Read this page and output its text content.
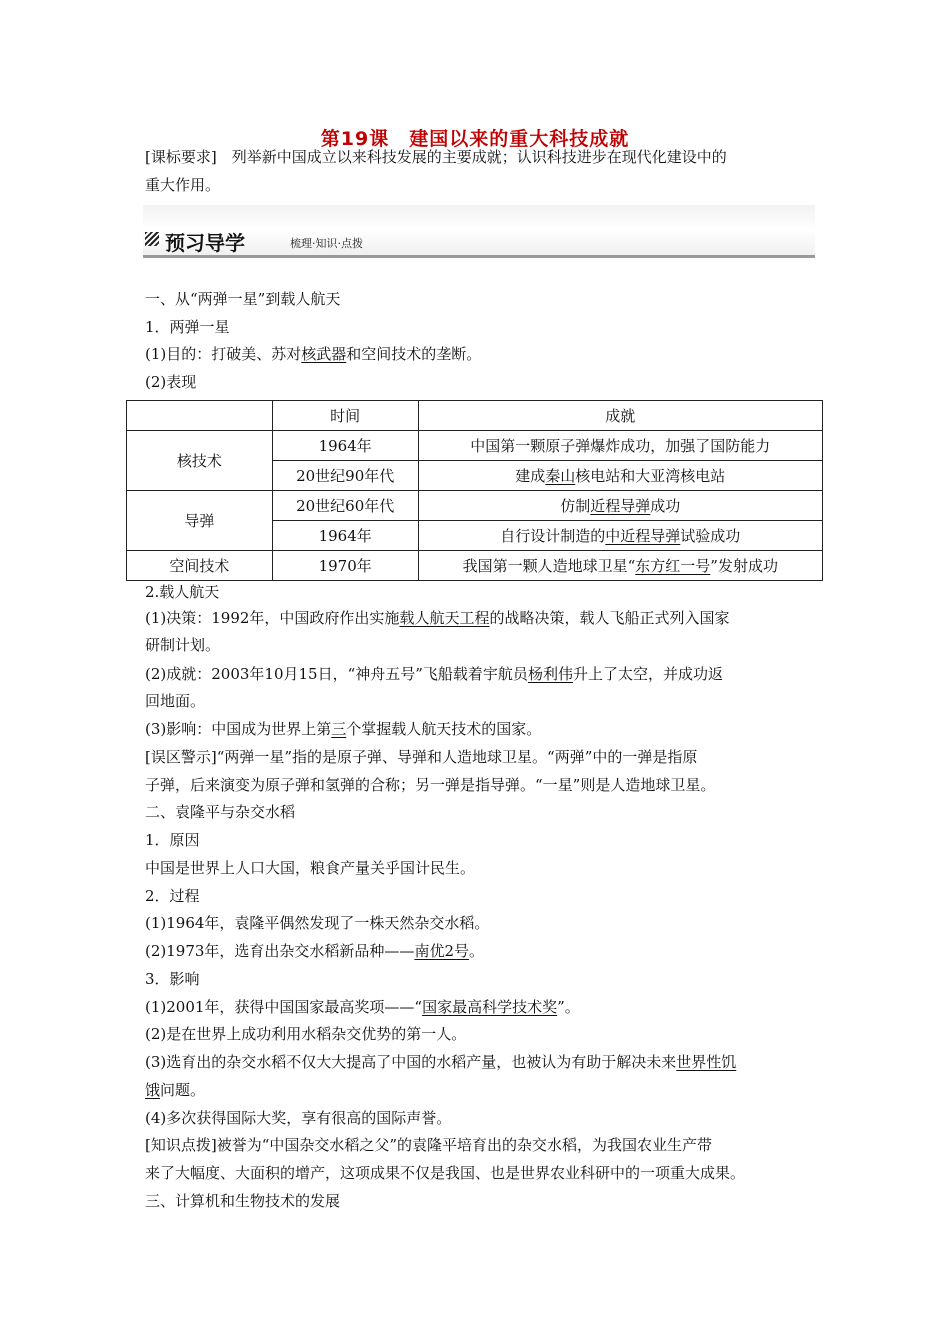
第19课　建国以来的重大科技成就
[课标要求]　列举新中国成立以来科技发展的主要成就；认识科技进步在现代化建设中的
重大作用。
预习导学	梳理·知识·点拨
一、从“两弹一星”到载人航天
1．两弹一星
(1)目的：打破美、苏对核武器和空间技术的垄断。
(2)表现
	时间	成就
核技术	1964年	中国第一颗原子弹爆炸成功，加强了国防能力
	20世纪90年代	建成秦山核电站和大亚湾核电站
导弹	20世纪60年代	仿制近程导弹成功
	1964年	自行设计制造的中近程导弹试验成功
空间技术	1970年	我国第一颗人造地球卫星“东方红一号”发射成功
2.载人航天
(1)决策：1992年，中国政府作出实施载人航天工程的战略决策，载人飞船正式列入国家
研制计划。
(2)成就：2003年10月15日，“神舟五号”飞船载着宇航员杨利伟升上了太空，并成功返
回地面。
(3)影响：中国成为世界上第三个掌握载人航天技术的国家。
[误区警示]“两弹一星”指的是原子弹、导弹和人造地球卫星。“两弹”中的一弹是指原
子弹，后来演变为原子弹和氢弹的合称；另一弹是指导弹。“一星”则是人造地球卫星。
二、袁隆平与杂交水稻
1．原因
中国是世界上人口大国，粮食产量关乎国计民生。
2．过程
(1)1964年，袁隆平偶然发现了一株天然杂交水稻。
(2)1973年，选育出杂交水稻新品种——南优2号。
3．影响
(1)2001年，获得中国国家最高奖项——“国家最高科学技术奖”。
(2)是在世界上成功利用水稻杂交优势的第一人。
(3)选育出的杂交水稻不仅大大提高了中国的水稻产量，也被认为有助于解决未来世界性饥
饿问题。
(4)多次获得国际大奖，享有很高的国际声誉。
[知识点拨]被誉为“中国杂交水稻之父”的袁隆平培育出的杂交水稻，为我国农业生产带
来了大幅度、大面积的增产，这项成果不仅是我国、也是世界农业科研中的一项重大成果。
三、计算机和生物技术的发展
